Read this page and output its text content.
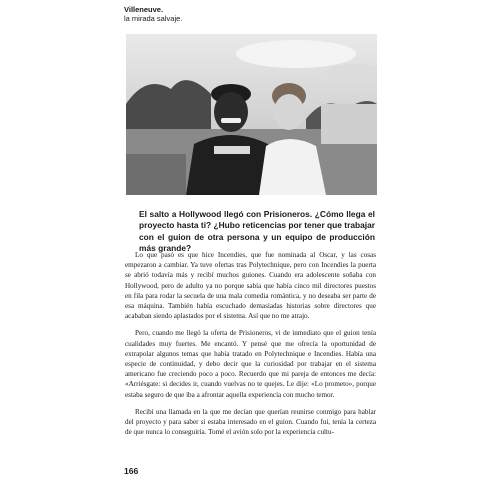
Villeneuve.
la mirada salvaje.
El salto a Hollywood llegó con Prisioneros. ¿Cómo llega el proyecto hasta ti? ¿Hubo reticencias por tener que trabajar con el guion de otra persona y un equipo de producción más grande?

Lo que pasó es que hice Incendies, que fue nominada al Oscar, y las cosas empezaron a cambiar. Ya tuve ofertas tras Polytechnique, pero con Incendies la puerta se abrió todavía más y recibí muchos guiones. Cuando era adolescente soñaba con Hollywood, pero de adulto ya no porque sabía que había cinco mil directores puestos en fila para rodar la secuela de una mala comedia romántica, y no deseaba ser parte de esa máquina. También había escuchado demasiadas historias sobre directores que acababan siendo aplastados por el sistema. Así que no me atrajo.

Pero, cuando me llegó la oferta de Prisioneros, vi de inmediato que el guion tenía cualidades muy fuertes. Me encantó. Y pensé que me ofrecía la oportunidad de extrapolar algunos temas que había tratado en Polytechnique e Incendies. Había una especie de continuidad, y debo decir que la curiosidad por trabajar en el sistema americano fue creciendo poco a poco. Recuerdo que mi pareja de entonces me decía: «Arriésgate: si decides ir, cuando vuelvas no te quejes. Le dije: «Lo prometo», porque estaba seguro de que iba a afrontar aquella experiencia con mucho temor.

Recibí una llamada en la que me decían que querían reunirse conmigo para hablar del proyecto y para saber si estaba interesado en el guion. Cuando fui, tenía la certeza de que nunca lo conseguiría. Tomé el avión solo por la experiencia cultu-

166
